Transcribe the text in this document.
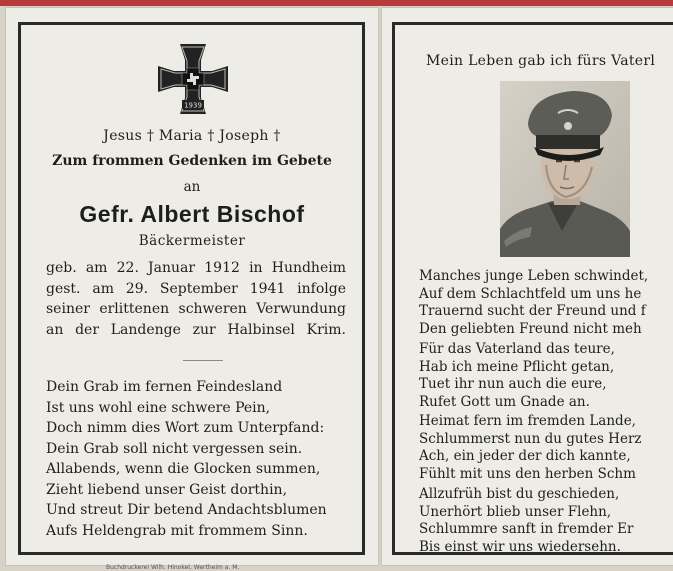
1939
Jesus † Maria † Joseph †
Zum frommen Gedenken im Gebete
an
Gefr. Albert Bischof
Bäckermeister
geb. am 22. Januar 1912 in Hundheim
gest. am 29. September 1941 infolge
seiner erlittenen schweren Verwundung
an der Landenge zur Halbinsel Krim.
Dein Grab im fernen Feindesland
Ist uns wohl eine schwere Pein,
Doch nimm dies Wort zum Unterpfand:
Dein Grab soll nicht vergessen sein.
Allabends, wenn die Glocken summen,
Zieht liebend unser Geist dorthin,
Und streut Dir betend Andachtsblumen
Aufs Heldengrab mit frommem Sinn.
Buchdruckerei Wilh. Hinokel, Wertheim a. M.
Mein Leben gab ich fürs Vaterl
Manches junge Leben schwindet,
Auf dem Schlachtfeld um uns he
Trauernd sucht der Freund und f
Den geliebten Freund nicht meh
Für das Vaterland das teure,
Hab ich meine Pflicht getan,
Tuet ihr nun auch die eure,
Rufet Gott um Gnade an.
Heimat fern im fremden Lande,
Schlummerst nun du gutes Herz
Ach, ein jeder der dich kannte,
Fühlt mit uns den herben Schm
Allzufrüh bist du geschieden,
Unerhört blieb unser Flehn,
Schlummre sanft in fremder Er
Bis einst wir uns wiedersehn.
